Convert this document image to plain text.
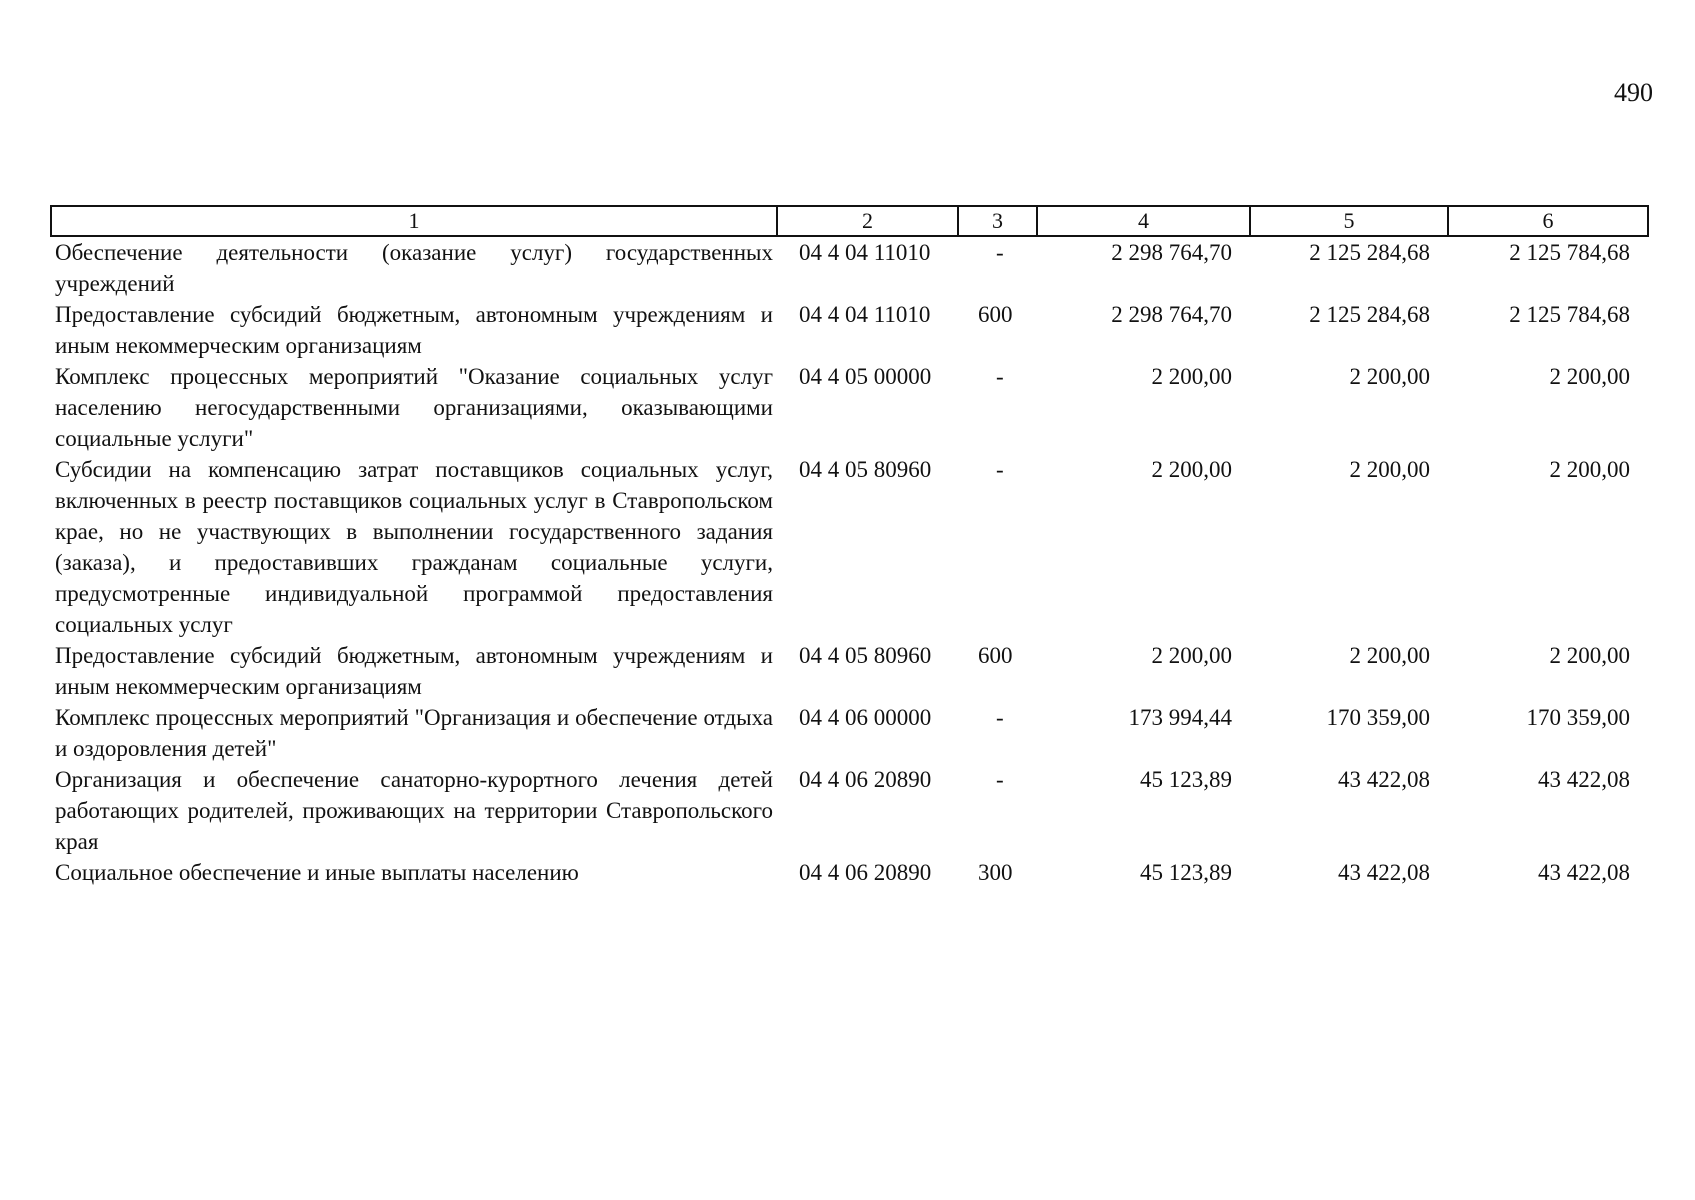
490
1	2	3	4	5	6
Обеспечение деятельности (оказание услуг) государственных учреждений	04 4 04 11010	-	2 298 764,70	2 125 284,68	2 125 784,68
Предоставление субсидий бюджетным, автономным учреждениям и иным некоммерческим организациям	04 4 04 11010	600	2 298 764,70	2 125 284,68	2 125 784,68
Комплекс процессных мероприятий "Оказание социальных услуг населению негосударственными организациями, оказывающими социальные услуги"	04 4 05 00000	-	2 200,00	2 200,00	2 200,00
Субсидии на компенсацию затрат поставщиков социальных услуг, включенных в реестр поставщиков социальных услуг в Ставропольском крае, но не участвующих в выполнении государственного задания (заказа), и предоставивших гражданам социальные услуги, предусмотренные индивидуальной программой предоставления социальных услуг	04 4 05 80960	-	2 200,00	2 200,00	2 200,00
Предоставление субсидий бюджетным, автономным учреждениям и иным некоммерческим организациям	04 4 05 80960	600	2 200,00	2 200,00	2 200,00
Комплекс процессных мероприятий "Организация и обеспечение отдыха и оздоровления детей"	04 4 06 00000	-	173 994,44	170 359,00	170 359,00
Организация и обеспечение санаторно-курортного лечения детей работающих родителей, проживающих на территории Ставропольского края	04 4 06 20890	-	45 123,89	43 422,08	43 422,08
Социальное обеспечение и иные выплаты населению	04 4 06 20890	300	45 123,89	43 422,08	43 422,08
